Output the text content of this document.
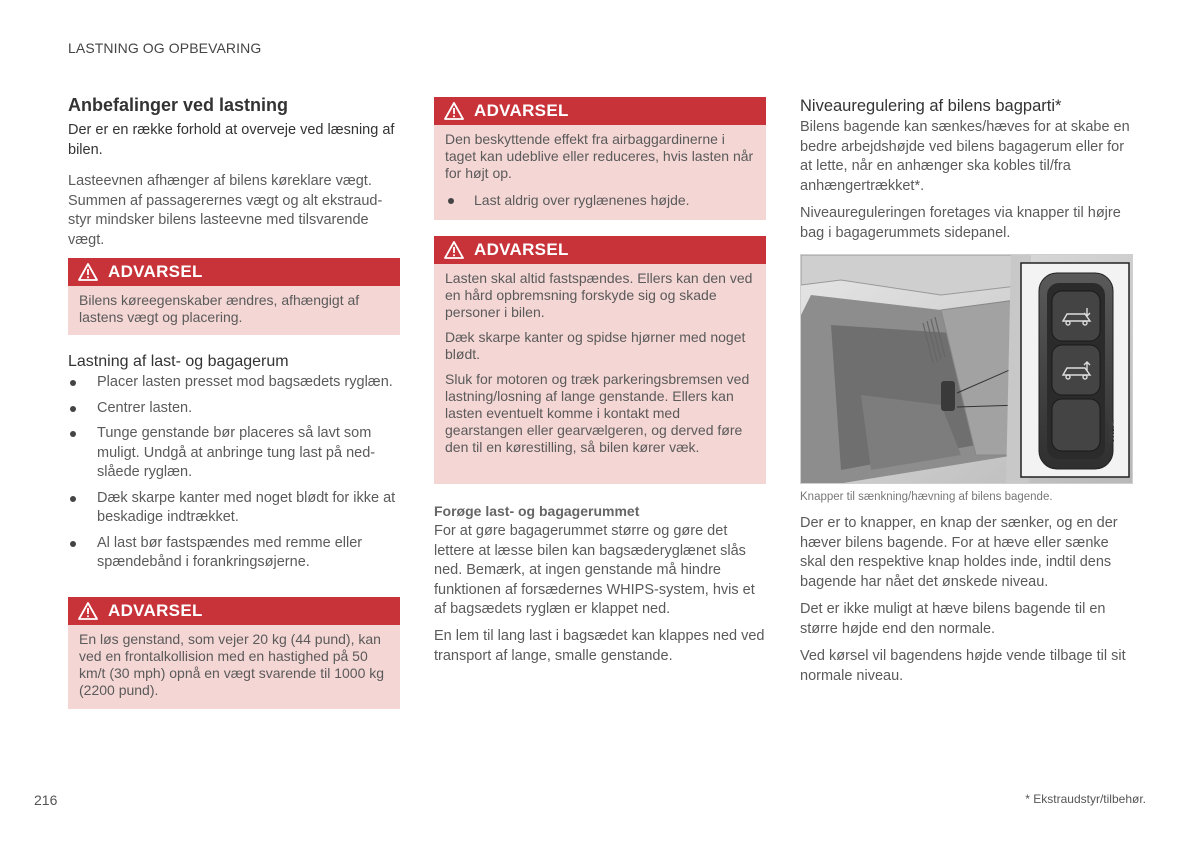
LASTNING OG OPBEVARING
Anbefalinger ved lastning

Der er en række forhold at overveje ved læsning af bilen.

Lasteevnen afhænger af bilens køreklare vægt. Summen af passagerernes vægt og alt ekstraudstyr mindsker bilens lasteevne med tilsvarende vægt.

ADVARSEL

Bilens køreegenskaber ændres, afhængigt af lastens vægt og placering.

Lastning af last- og bagagerum
Placer lasten presset mod bagsædets ryglæn.
Centrer lasten.
Tunge genstande bør placeres så lavt som muligt. Undgå at anbringe tung last på nedslåede ryglæn.
Dæk skarpe kanter med noget blødt for ikke at beskadige indtrækket.
Al last bør fastspændes med remme eller spændebånd i forankringsøjerne.
ADVARSEL

En løs genstand, som vejer 20 kg (44 pund), kan ved en frontalkollision med en hastighed på 50 km/t (30 mph) opnå en vægt svarende til 1000 kg (2200 pund).

ADVARSEL

Den beskyttende effekt fra airbaggardinerne i taget kan udeblive eller reduceres, hvis lasten når for højt op.

Last aldrig over ryglænenes højde.
ADVARSEL

Lasten skal altid fastspændes. Ellers kan den ved en hård opbremsning forskyde sig og skade personer i bilen.

Dæk skarpe kanter og spidse hjørner med noget blødt.

Sluk for motoren og træk parkeringsbremsen ved lastning/losning af lange genstande. Ellers kan lasten eventuelt komme i kontakt med gearstangen eller gearvælgeren, og derved føre den til en kørestilling, så bilen kører væk.

Forøge last- og bagagerummet

For at gøre bagagerummet større og gøre det lettere at læsse bilen kan bagsæderyglænet slås ned. Bemærk, at ingen genstande må hindre funktionen af forsædernes WHIPS-system, hvis et af bagsædets ryglæn er klappet ned.

En lem til lang last i bagsædet kan klappes ned ved transport af lange, smalle genstande.

Niveauregulering af bilens bagparti*

Bilens bagende kan sænkes/hæves for at skabe en bedre arbejdshøjde ved bilens bagagerum eller for at lette, når en anhænger ska kobles til/fra anhængertrækket*.

Niveaureguleringen foretages via knapper til højre bag i bagagerummets sidepanel.

G061947
Knapper til sænkning/hævning af bilens bagende.

Der er to knapper, en knap der sænker, og en der hæver bilens bagende. For at hæve eller sænke skal den respektive knap holdes inde, indtil dens bagende har nået det ønskede niveau.

Det er ikke muligt at hæve bilens bagende til en større højde end den normale.

Ved kørsel vil bagendens højde vende tilbage til sit normale niveau.

216	* Ekstraudstyr/tilbehør.
